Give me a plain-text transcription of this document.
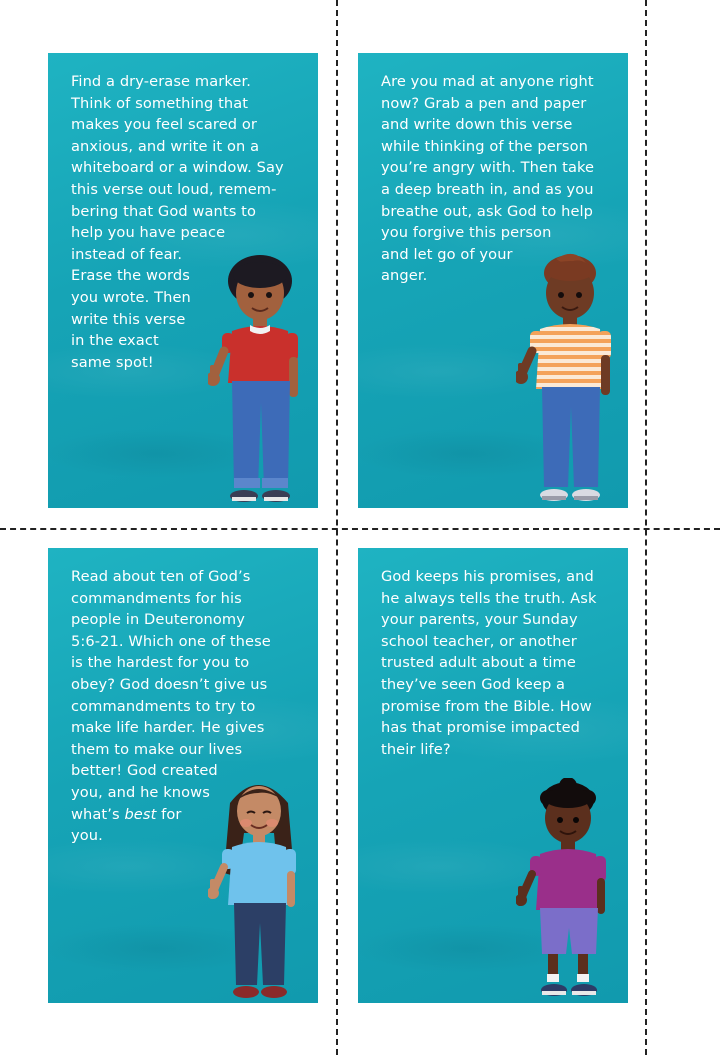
Find a dry-erase marker.
Think of something that
makes you feel scared or
anxious, and write it on a
whiteboard or a window. Say
this verse out loud, remem-
bering that God wants to
help you have peace
instead of fear.
Erase the words
you wrote. Then
write this verse
in the exact
same spot!
Are you mad at anyone right
now? Grab a pen and paper
and write down this verse
while thinking of the person
you’re angry with. Then take
a deep breath in, and as you
breathe out, ask God to help
you forgive this person
and let go of your
anger.
Read about ten of God’s
commandments for his
people in Deuteronomy
5:6-21. Which one of these
is the hardest for you to
obey? God doesn’t give us
commandments to try to
make life harder. He gives
them to make our lives
better! God created
you, and he knows
what’s best for
you.
God keeps his promises, and
he always tells the truth. Ask
your parents, your Sunday
school teacher, or another
trusted adult about a time
they’ve seen God keep a
promise from the Bible. How
has that promise impacted
their life?
